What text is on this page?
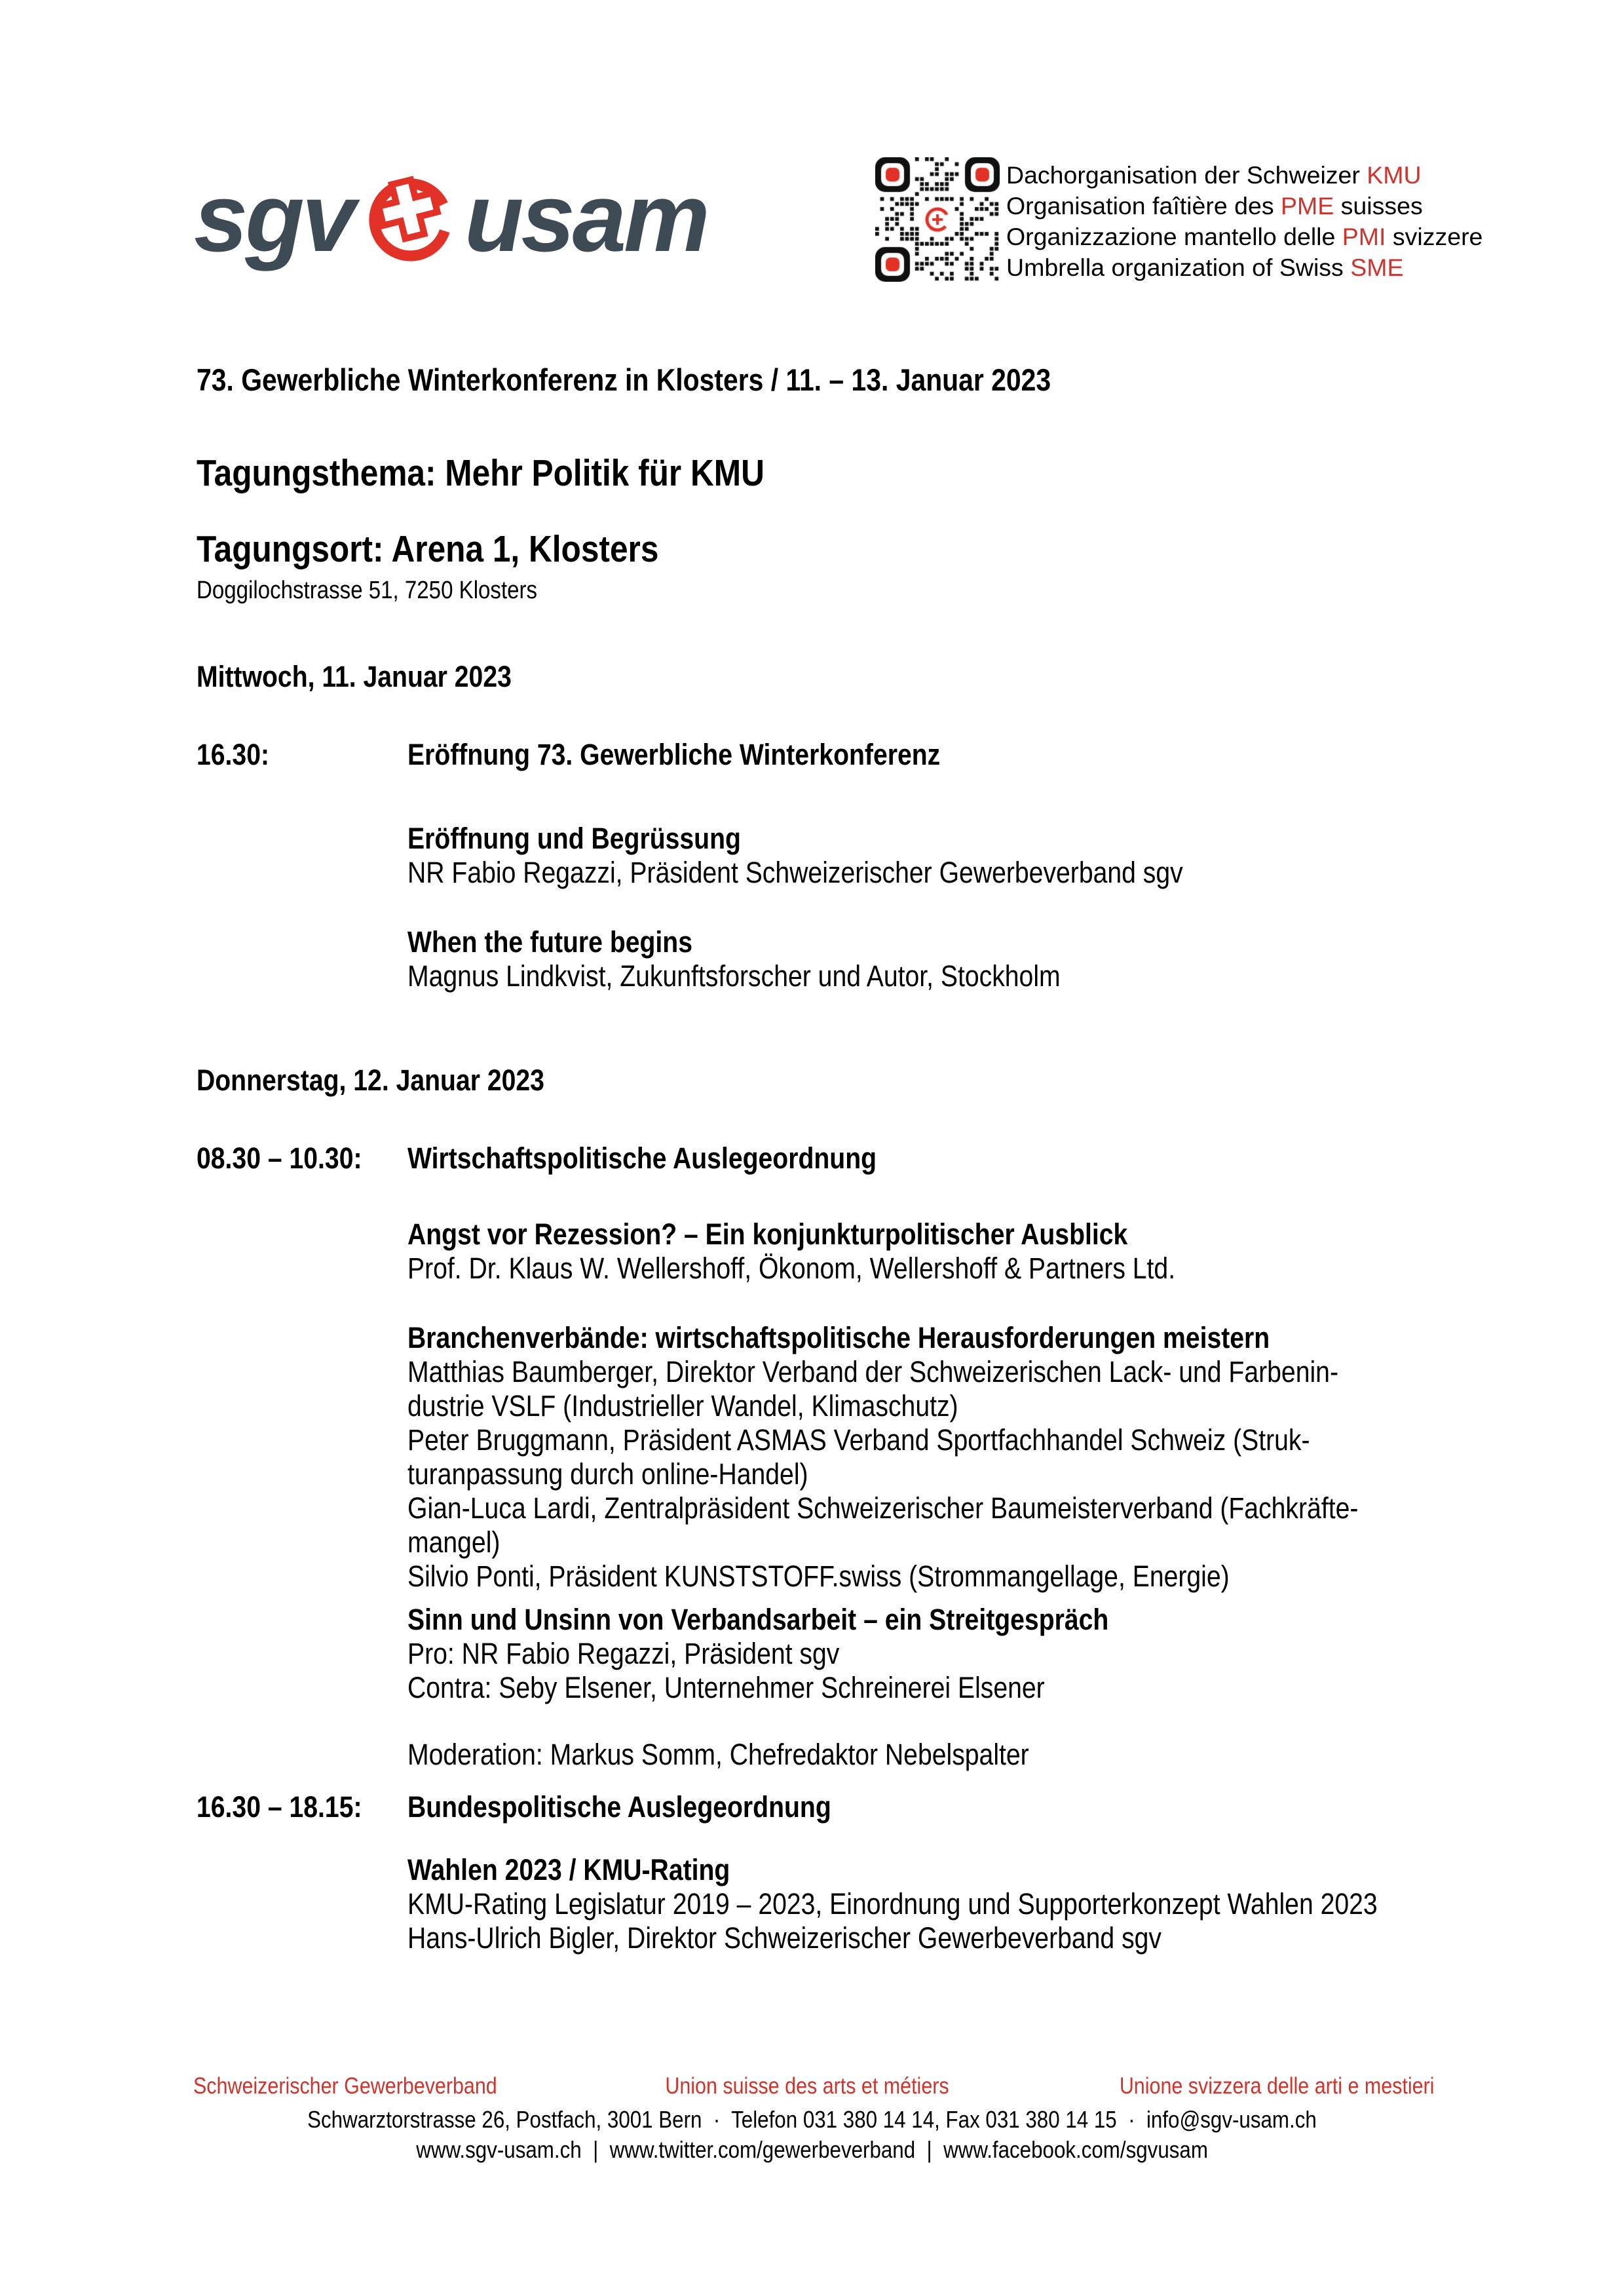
sgv usam	Dachorganisation der Schweizer KMU
Organisation faîtière des PME suisses
Organizzazione mantello delle PMI svizzere
Umbrella organization of Swiss SME
73. Gewerbliche Winterkonferenz in Klosters / 11. – 13. Januar 2023
Tagungsthema: Mehr Politik für KMU
Tagungsort: Arena 1, Klosters
Doggilochstrasse 51, 7250 Klosters
Mittwoch, 11. Januar 2023
16.30:	Eröffnung 73. Gewerbliche Winterkonferenz
Eröffnung und Begrüssung
NR Fabio Regazzi, Präsident Schweizerischer Gewerbeverband sgv
When the future begins
Magnus Lindkvist, Zukunftsforscher und Autor, Stockholm
Donnerstag, 12. Januar 2023
08.30 – 10.30:	Wirtschaftspolitische Auslegeordnung
Angst vor Rezession? – Ein konjunkturpolitischer Ausblick
Prof. Dr. Klaus W. Wellershoff, Ökonom, Wellershoff & Partners Ltd.
Branchenverbände: wirtschaftspolitische Herausforderungen meistern
Matthias Baumberger, Direktor Verband der Schweizerischen Lack- und Farbenin-
dustrie VSLF (Industrieller Wandel, Klimaschutz)
Peter Bruggmann, Präsident ASMAS Verband Sportfachhandel Schweiz (Struk-
turanpassung durch online-Handel)
Gian-Luca Lardi, Zentralpräsident Schweizerischer Baumeisterverband (Fachkräfte-
mangel)
Silvio Ponti, Präsident KUNSTSTOFF.swiss (Strommangellage, Energie)
Sinn und Unsinn von Verbandsarbeit – ein Streitgespräch
Pro: NR Fabio Regazzi, Präsident sgv
Contra: Seby Elsener, Unternehmer Schreinerei Elsener
Moderation: Markus Somm, Chefredaktor Nebelspalter
16.30 – 18.15:	Bundespolitische Auslegeordnung
Wahlen 2023 / KMU-Rating
KMU-Rating Legislatur 2019 – 2023, Einordnung und Supporterkonzept Wahlen 2023
Hans-Ulrich Bigler, Direktor Schweizerischer Gewerbeverband sgv
Schweizerischer Gewerbeverband	Union suisse des arts et métiers	Unione svizzera delle arti e mestieri
Schwarztorstrasse 26, Postfach, 3001 Bern  ·  Telefon 031 380 14 14, Fax 031 380 14 15  ·  info@sgv-usam.ch
www.sgv-usam.ch  |  www.twitter.com/gewerbeverband  |  www.facebook.com/sgvusam
